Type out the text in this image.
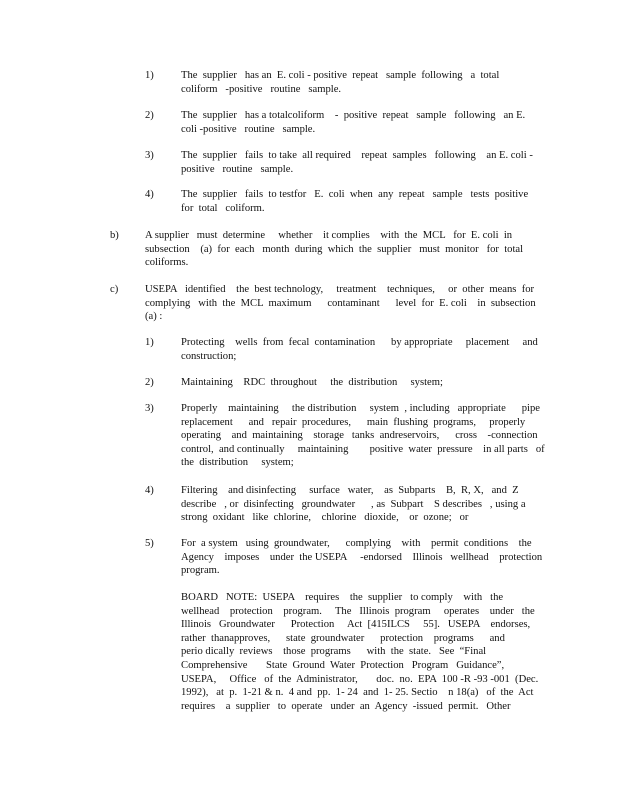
1)	The  supplier   has an  E. coli - positive  repeat   sample  following   a  total
coliform   -positive   routine   sample.
2)	The  supplier   has a totalcoliform    -  positive  repeat   sample   following   an E.
coli -positive   routine   sample.
3)	The  supplier   fails  to take  all required    repeat  samples   following    an E. coli -
positive   routine   sample.
4)	The  supplier   fails  to testfor   E.  coli  when  any  repeat   sample   tests  positive
for  total   coliform.
b) A supplier   must  determine     whether    it complies    with  the  MCL   for  E. coli  in
subsection    (a)  for  each   month  during  which  the  supplier   must  monitor   for  total
coliforms.
c)	USEPA   identified    the  best technology,     treatment    techniques,     or  other  means  for
complying   with  the  MCL  maximum      contaminant      level  for  E. coli    in  subsection
(a) :
1)	Protecting    wells  from  fecal  contamination      by appropriate     placement     and
construction;
2)	Maintaining    RDC  throughout     the  distribution     system;
3)	Properly    maintaining     the distribution     system  , including   appropriate      pipe
replacement      and   repair  procedures,      main  flushing  programs,     properly
operating    and  maintaining    storage   tanks  andreservoirs,      cross    -connection
control,  and continually     maintaining        positive  water  pressure    in all parts   of
the  distribution     system;
4)	Filtering    and disinfecting     surface   water,    as  Subparts    B,  R, X,   and  Z
describe   , or  disinfecting   groundwater      , as  Subpart    S describes   , using a
strong  oxidant   like  chlorine,    chlorine   dioxide,    or  ozone;   or
5)	For  a system   using  groundwater,      complying    with    permit  conditions    the
Agency    imposes    under  the USEPA     -endorsed    Illinois   wellhead    protection
program.
BOARD   NOTE:  USEPA    requires    the  supplier   to comply    with   the
wellhead    protection    program.     The   Illinois  program     operates    under   the
Illinois   Groundwater      Protection     Act  [415ILCS     55].   USEPA    endorses,
rather  thanapproves,      state  groundwater      protection    programs      and
perio dically  reviews    those  programs      with  the  state.   See  “Final
Comprehensive       State  Ground  Water  Protection   Program   Guidance”,
USEPA,     Office   of  the  Administrator,       doc.  no.  EPA  100 -R -93 -001  (Dec.
1992),   at  p.  1-21 & n.  4 and  pp.  1- 24  and  1- 25. Sectio    n 18(a)   of  the  Act
requires    a  supplier   to  operate   under  an  Agency  -issued  permit.   Other
